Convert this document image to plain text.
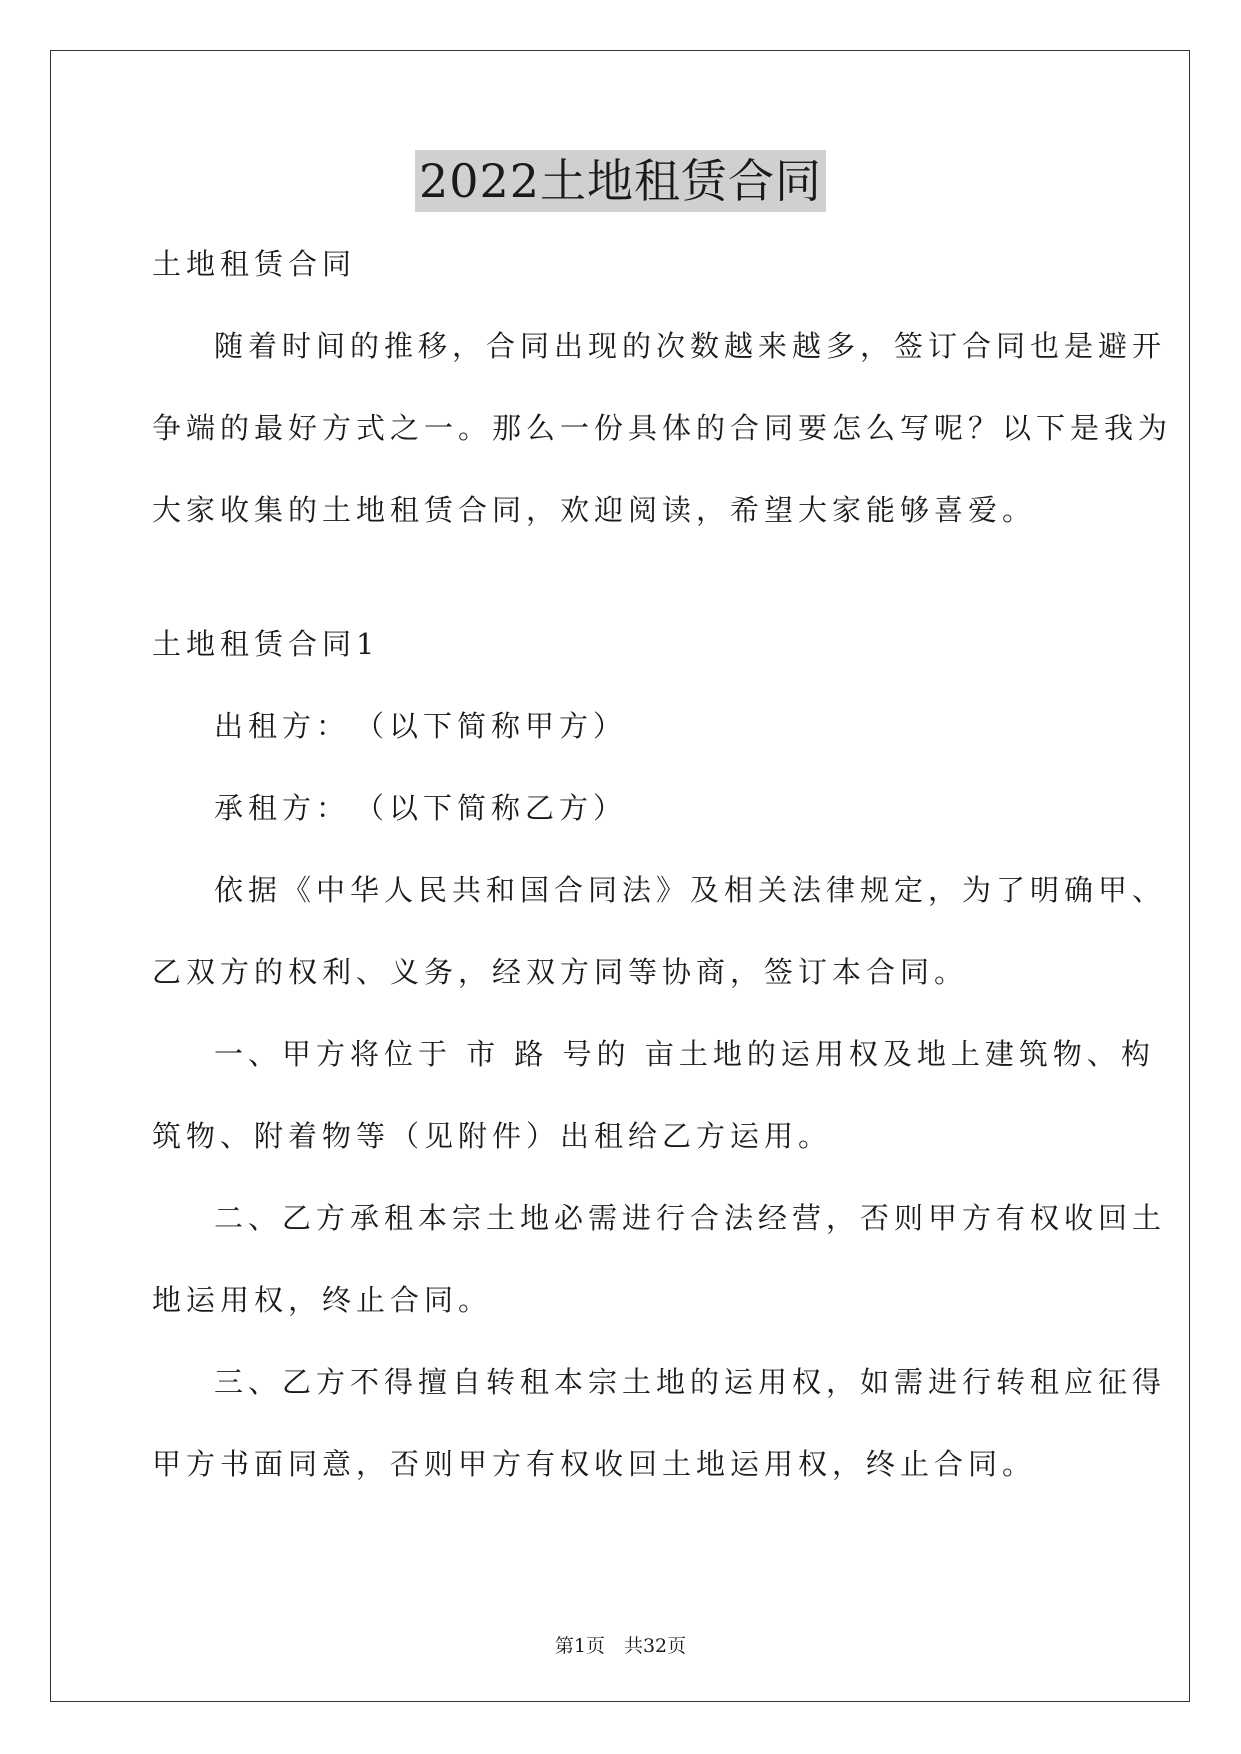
2022土地租赁合同
土地租赁合同
随着时间的推移，合同出现的次数越来越多，签订合同也是避开
争端的最好方式之一。那么一份具体的合同要怎么写呢？以下是我为
大家收集的土地租赁合同，欢迎阅读，希望大家能够喜爱。
土地租赁合同1
出租方：　（以下简称甲方）
承租方：　（以下简称乙方）
依据《中华人民共和国合同法》及相关法律规定，为了明确甲、
乙双方的权利、义务，经双方同等协商，签订本合同。
一、甲方将位于 市 路 号的 亩土地的运用权及地上建筑物、构
筑物、附着物等（见附件）出租给乙方运用。
二、乙方承租本宗土地必需进行合法经营，否则甲方有权收回土
地运用权，终止合同。
三、乙方不得擅自转租本宗土地的运用权，如需进行转租应征得
甲方书面同意，否则甲方有权收回土地运用权，终止合同。
第1页　共32页
